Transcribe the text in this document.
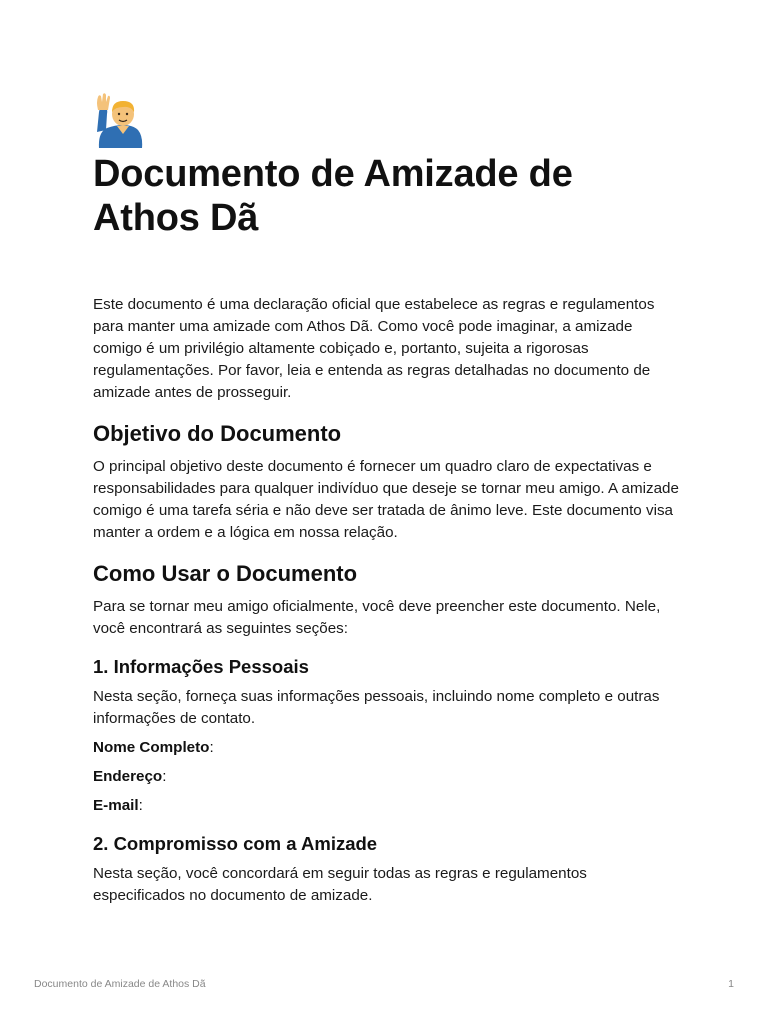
Documento de Amizade de Athos Dã

Este documento é uma declaração oficial que estabelece as regras e regulamentos para manter uma amizade com Athos Dã. Como você pode imaginar, a amizade comigo é um privilégio altamente cobiçado e, portanto, sujeita a rigorosas regulamentações. Por favor, leia e entenda as regras detalhadas no documento de amizade antes de prosseguir.

Objetivo do Documento

O principal objetivo deste documento é fornecer um quadro claro de expectativas e responsabilidades para qualquer indivíduo que deseje se tornar meu amigo. A amizade comigo é uma tarefa séria e não deve ser tratada de ânimo leve. Este documento visa manter a ordem e a lógica em nossa relação.

Como Usar o Documento

Para se tornar meu amigo oficialmente, você deve preencher este documento. Nele, você encontrará as seguintes seções:

1. Informações Pessoais

Nesta seção, forneça suas informações pessoais, incluindo nome completo e outras informações de contato.

Nome Completo:
Endereço:
E-mail:
2. Compromisso com a Amizade

Nesta seção, você concordará em seguir todas as regras e regulamentos especificados no documento de amizade.

Documento de Amizade de Athos Dã	1
